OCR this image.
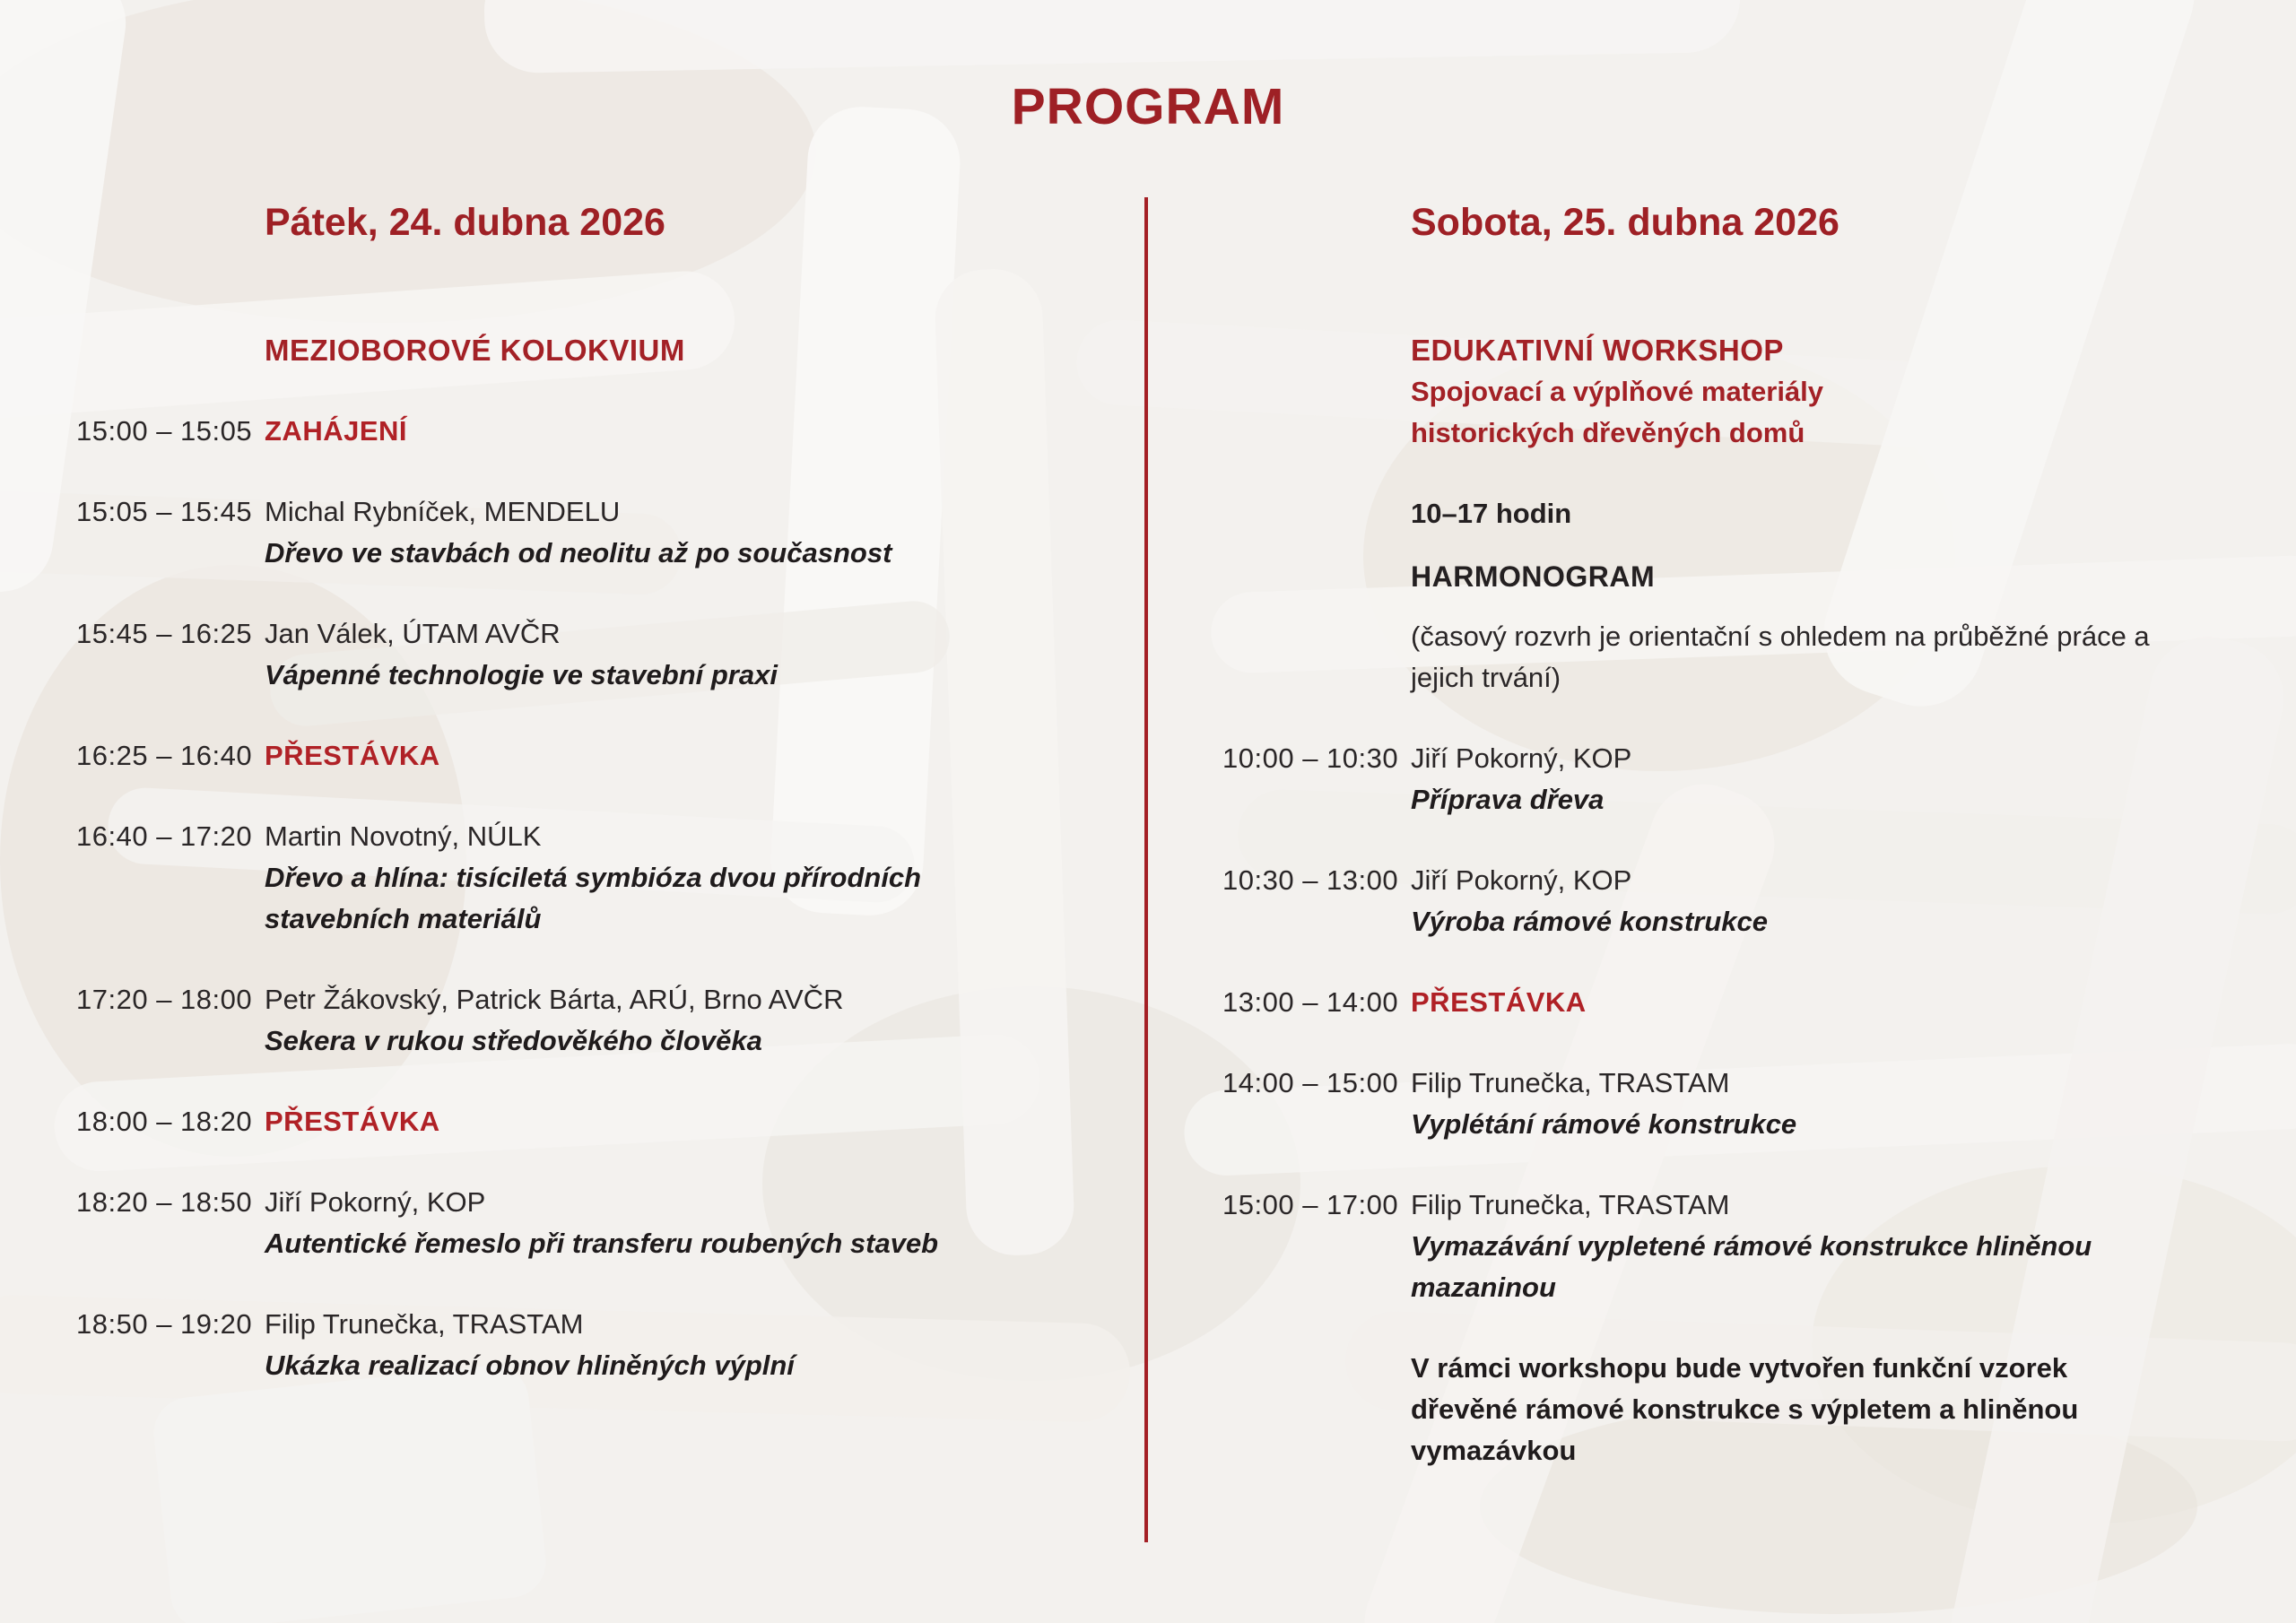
PROGRAM
Pátek, 24. dubna 2026
MEZIOBOROVÉ KOLOKVIUM
15:00 – 15:05 ZAHÁJENÍ
15:05 – 15:45 Michal Rybníček, MENDELU
Dřevo ve stavbách od neolitu až po současnost
15:45 – 16:25 Jan Válek, ÚTAM AVČR
Vápenné technologie ve stavební praxi
16:25 – 16:40 PŘESTÁVKA
16:40 – 17:20 Martin Novotný, NÚLK
Dřevo a hlína: tisíciletá symbióza dvou přírodních stavebních materiálů
17:20 – 18:00 Petr Žákovský, Patrick Bárta, ARÚ, Brno AVČR
Sekera v rukou středověkého člověka
18:00 – 18:20 PŘESTÁVKA
18:20 – 18:50 Jiří Pokorný, KOP
Autentické řemeslo při transferu roubených staveb
18:50 – 19:20 Filip Trunečka, TRASTAM
Ukázka realizací obnov hliněných výplní
Sobota, 25. dubna 2026
EDUKATIVNÍ WORKSHOP
Spojovací a výplňové materiály historických dřevěných domů
10–17 hodin
HARMONOGRAM
(časový rozvrh je orientační s ohledem na průběžné práce a jejich trvání)
10:00 – 10:30 Jiří Pokorný, KOP
Příprava dřeva
10:30 – 13:00 Jiří Pokorný, KOP
Výroba rámové konstrukce
13:00 – 14:00 PŘESTÁVKA
14:00 – 15:00 Filip Trunečka, TRASTAM
Vyplétání rámové konstrukce
15:00 – 17:00 Filip Trunečka, TRASTAM
Vymazávání vypletené rámové konstrukce hliněnou mazaninou
V rámci workshopu bude vytvořen funkční vzorek dřevěné rámové konstrukce s výpletem a hliněnou vymazávkou
